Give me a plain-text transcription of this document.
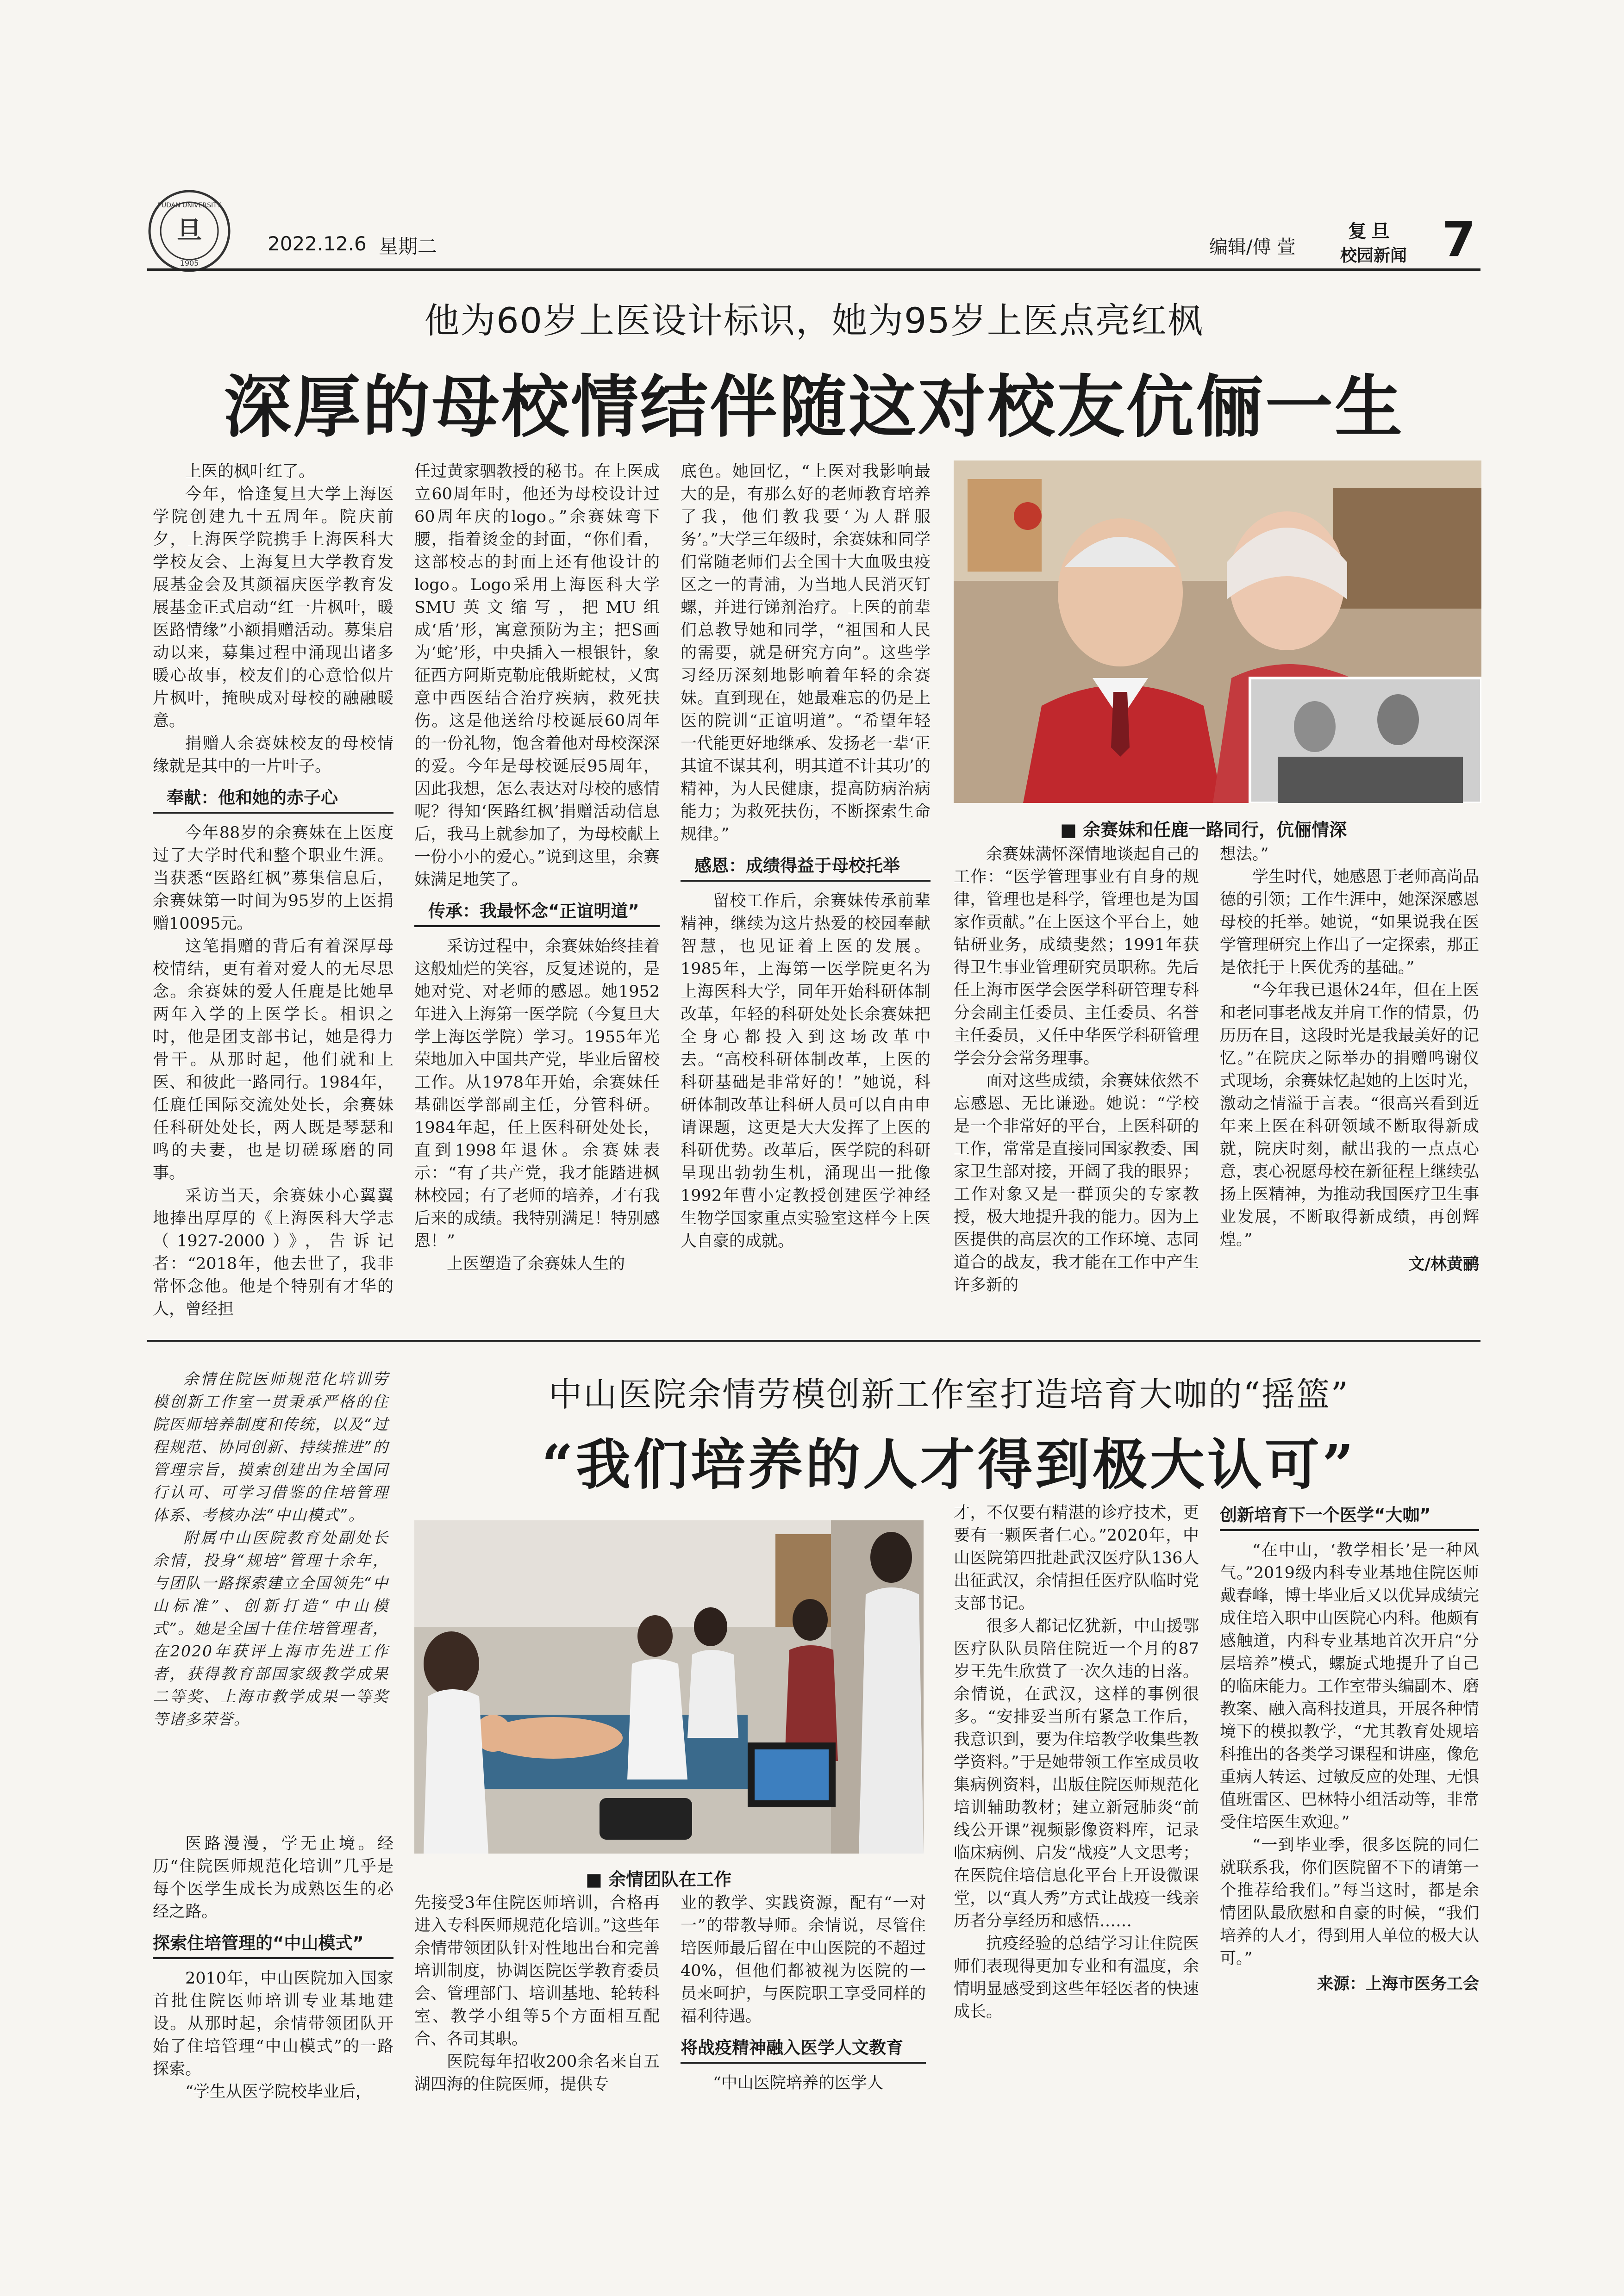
旦
FUDAN UNIVERSITY
1905
2022.12.6 星期二	编辑/傅 萱
复旦
校园新闻 7
他为60岁上医设计标识，她为95岁上医点亮红枫
深厚的母校情结伴随这对校友伉俪一生

上医的枫叶红了。

今年，恰逢复旦大学上海医学院创建九十五周年。院庆前夕，上海医学院携手上海医科大学校友会、上海复旦大学教育发展基金会及其颜福庆医学教育发展基金正式启动“红一片枫叶，暖医路情缘”小额捐赠活动。募集启动以来，募集过程中涌现出诸多暖心故事，校友们的心意恰似片片枫叶，掩映成对母校的融融暖意。

捐赠人余赛妹校友的母校情缘就是其中的一片叶子。

奉献：他和她的赤子心

今年88岁的余赛妹在上医度过了大学时代和整个职业生涯。当获悉“医路红枫”募集信息后，余赛妹第一时间为95岁的上医捐赠10095元。

这笔捐赠的背后有着深厚母校情结，更有着对爱人的无尽思念。余赛妹的爱人任鹿是比她早两年入学的上医学长。相识之时，他是团支部书记，她是得力骨干。从那时起，他们就和上医、和彼此一路同行。1984年，任鹿任国际交流处处长，余赛妹任科研处处长，两人既是琴瑟和鸣的夫妻，也是切磋琢磨的同事。

采访当天，余赛妹小心翼翼地捧出厚厚的《上海医科大学志（1927-2000）》，告诉记者：“2018年，他去世了，我非常怀念他。他是个特别有才华的人，曾经担

任过黄家驷教授的秘书。在上医成立60周年时，他还为母校设计过60周年庆的logo。”余赛妹弯下腰，指着烫金的封面，“你们看，这部校志的封面上还有他设计的logo。Logo采用上海医科大学SMU英文缩写，把MU组成‘盾’形，寓意预防为主；把S画为‘蛇’形，中央插入一根银针，象征西方阿斯克勒庇俄斯蛇杖，又寓意中西医结合治疗疾病，救死扶伤。这是他送给母校诞辰60周年的一份礼物，饱含着他对母校深深的爱。今年是母校诞辰95周年，因此我想，怎么表达对母校的感情呢？得知‘医路红枫’捐赠活动信息后，我马上就参加了，为母校献上一份小小的爱心。”说到这里，余赛妹满足地笑了。

传承：我最怀念“正谊明道”

采访过程中，余赛妹始终挂着这般灿烂的笑容，反复述说的，是她对党、对老师的感恩。她1952年进入上海第一医学院（今复旦大学上海医学院）学习。1955年光荣地加入中国共产党，毕业后留校工作。从1978年开始，余赛妹任基础医学部副主任，分管科研。1984年起，任上医科研处处长，直到1998年退休。余赛妹表示：“有了共产党，我才能踏进枫林校园；有了老师的培养，才有我后来的成绩。我特别满足！特别感恩！”

上医塑造了余赛妹人生的

底色。她回忆，“上医对我影响最大的是，有那么好的老师教育培养了我，他们教我要‘为人群服务’。”大学三年级时，余赛妹和同学们常随老师们去全国十大血吸虫疫区之一的青浦，为当地人民消灭钉螺，并进行锑剂治疗。上医的前辈们总教导她和同学，“祖国和人民的需要，就是研究方向”。这些学习经历深刻地影响着年轻的余赛妹。直到现在，她最难忘的仍是上医的院训“正谊明道”。“希望年轻一代能更好地继承、发扬老一辈‘正其谊不谋其利，明其道不计其功’的精神，为人民健康，提高防病治病能力；为救死扶伤，不断探索生命规律。”

感恩：成绩得益于母校托举

留校工作后，余赛妹传承前辈精神，继续为这片热爱的校园奉献智慧，也见证着上医的发展。1985年，上海第一医学院更名为上海医科大学，同年开始科研体制改革，年轻的科研处处长余赛妹把全身心都投入到这场改革中去。“高校科研体制改革，上医的科研基础是非常好的！”她说，科研体制改革让科研人员可以自由申请课题，这更是大大发挥了上医的科研优势。改革后，医学院的科研呈现出勃勃生机，涌现出一批像1992年曹小定教授创建医学神经生物学国家重点实验室这样今上医人自豪的成就。

■ 余赛妹和任鹿一路同行，伉俪情深

余赛妹满怀深情地谈起自己的工作：“医学管理事业有自身的规律，管理也是科学，管理也是为国家作贡献。”在上医这个平台上，她钻研业务，成绩斐然；1991年获得卫生事业管理研究员职称。先后任上海市医学会医学科研管理专科分会副主任委员、主任委员、名誉主任委员，又任中华医学科研管理学会分会常务理事。

面对这些成绩，余赛妹依然不忘感恩、无比谦逊。她说：“学校是一个非常好的平台，上医科研的工作，常常是直接同国家教委、国家卫生部对接，开阔了我的眼界；工作对象又是一群顶尖的专家教授，极大地提升我的能力。因为上医提供的高层次的工作环境、志同道合的战友，我才能在工作中产生许多新的

想法。”

学生时代，她感恩于老师高尚品德的引领；工作生涯中，她深深感恩母校的托举。她说，“如果说我在医学管理研究上作出了一定探索，那正是依托于上医优秀的基础。”

“今年我已退休24年，但在上医和老同事老战友并肩工作的情景，仍历历在目，这段时光是我最美好的记忆。”在院庆之际举办的捐赠鸣谢仪式现场，余赛妹忆起她的上医时光，激动之情溢于言表。“很高兴看到近年来上医在科研领域不断取得新成就，院庆时刻，献出我的一点点心意，衷心祝愿母校在新征程上继续弘扬上医精神，为推动我国医疗卫生事业发展，不断取得新成绩，再创辉煌。”

文/林黄鹂
中山医院余情劳模创新工作室打造培育大咖的“摇篮”
“我们培养的人才得到极大认可”

余情住院医师规范化培训劳模创新工作室一贯秉承严格的住院医师培养制度和传统，以及“过程规范、协同创新、持续推进”的管理宗旨，摸索创建出为全国同行认可、可学习借鉴的住培管理体系、考核办法“中山模式”。

附属中山医院教育处副处长余情，投身“规培”管理十余年，与团队一路探索建立全国领先“中山标准”、创新打造“中山模式”。她是全国十佳住培管理者，在2020年获评上海市先进工作者，获得教育部国家级教学成果二等奖、上海市教学成果一等奖等诸多荣誉。

医路漫漫，学无止境。经历“住院医师规范化培训”几乎是每个医学生成长为成熟医生的必经之路。

探索住培管理的“中山模式”

2010年，中山医院加入国家首批住院医师培训专业基地建设。从那时起，余情带领团队开始了住培管理“中山模式”的一路探索。

“学生从医学院校毕业后，

■ 余情团队在工作

先接受3年住院医师培训，合格再进入专科医师规范化培训。”这些年余情带领团队针对性地出台和完善培训制度，协调医院医学教育委员会、管理部门、培训基地、轮转科室、教学小组等5个方面相互配合、各司其职。

医院每年招收200余名来自五湖四海的住院医师，提供专

业的教学、实践资源，配有“一对一”的带教导师。余情说，尽管住培医师最后留在中山医院的不超过40%，但他们都被视为医院的一员来呵护，与医院职工享受同样的福利待遇。

将战疫精神融入医学人文教育

“中山医院培养的医学人

才，不仅要有精湛的诊疗技术，更要有一颗医者仁心。”2020年，中山医院第四批赴武汉医疗队136人出征武汉，余情担任医疗队临时党支部书记。

很多人都记忆犹新，中山援鄂医疗队队员陪住院近一个月的87岁王先生欣赏了一次久违的日落。余情说，在武汉，这样的事例很多。“安排妥当所有紧急工作后，我意识到，要为住培教学收集些教学资料。”于是她带领工作室成员收集病例资料，出版住院医师规范化培训辅助教材；建立新冠肺炎“前线公开课”视频影像资料库，记录临床病例、启发“战疫”人文思考；在医院住培信息化平台上开设微课堂，以“真人秀”方式让战疫一线亲历者分享经历和感悟……

抗疫经验的总结学习让住院医师们表现得更加专业和有温度，余情明显感受到这些年轻医者的快速成长。

创新培育下一个医学“大咖”

“在中山，‘教学相长’是一种风气。”2019级内科专业基地住院医师戴春峰，博士毕业后又以优异成绩完成住培入职中山医院心内科。他颇有感触道，内科专业基地首次开启“分层培养”模式，螺旋式地提升了自己的临床能力。工作室带头编副本、磨教案、融入高科技道具，开展各种情境下的模拟教学，“尤其教育处规培科推出的各类学习课程和讲座，像危重病人转运、过敏反应的处理、无惧值班雷区、巴林特小组活动等，非常受住培医生欢迎。”

“一到毕业季，很多医院的同仁就联系我，你们医院留不下的请第一个推荐给我们。”每当这时，都是余情团队最欣慰和自豪的时候，“我们培养的人才，得到用人单位的极大认可。”

来源：上海市医务工会
